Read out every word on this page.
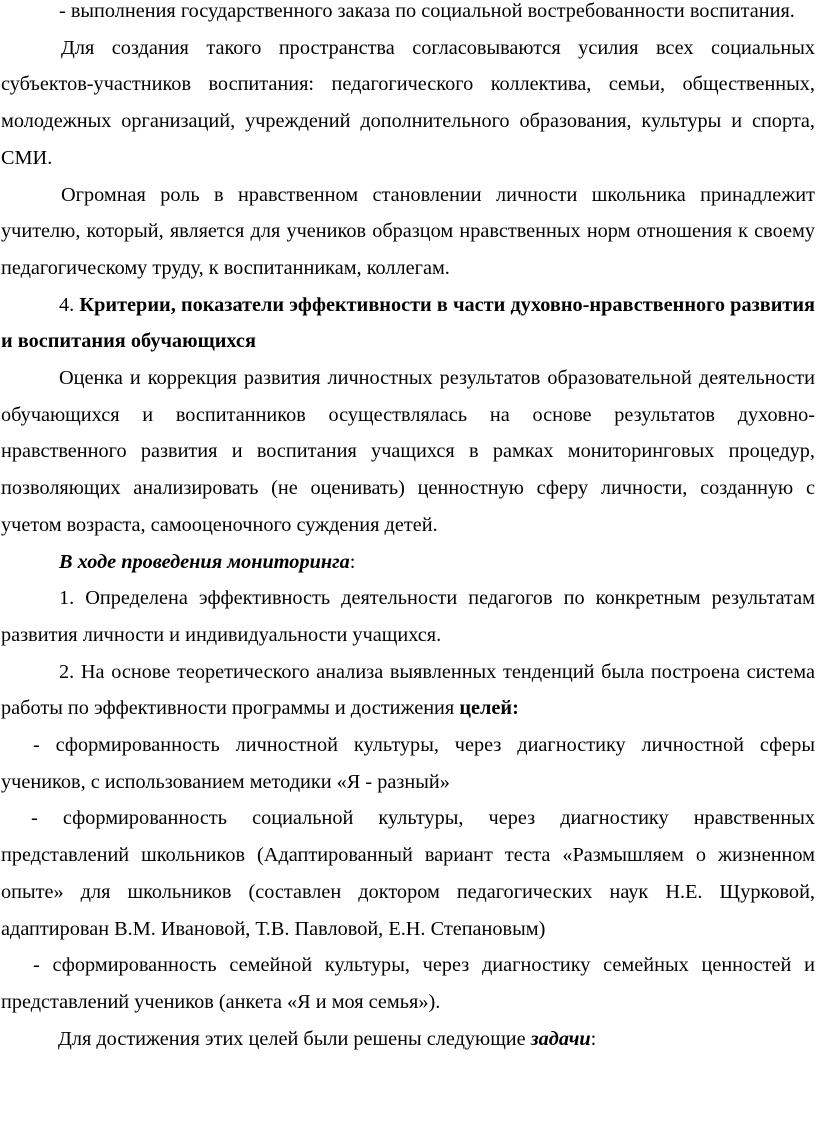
- выполнения государственного заказа по социальной востребованности воспитания.

Для создания такого пространства согласовываются усилия всех социальных субъектов-участников воспитания: педагогического коллектива, семьи, общественных, молодежных организаций, учреждений дополнительного образования, культуры и спорта, СМИ.

Огромная роль в нравственном становлении личности школьника принадлежит учителю, который, является для учеников образцом нравственных норм отношения к своему педагогическому труду, к воспитанникам, коллегам.

4. Критерии, показатели эффективности в части духовно-нравственного развития и воспитания обучающихся

Оценка и коррекция развития личностных результатов образовательной деятельности обучающихся и воспитанников осуществлялась на основе результатов духовно-нравственного развития и воспитания учащихся в рамках мониторинговых процедур, позволяющих анализировать (не оценивать) ценностную сферу личности, созданную с учетом возраста, самооценочного суждения детей.

В ходе проведения мониторинга:

1. Определена эффективность деятельности педагогов по конкретным результатам развития личности и индивидуальности учащихся.

2. На основе теоретического анализа выявленных тенденций была построена система работы по эффективности программы и достижения целей:

- сформированность личностной культуры, через диагностику личностной сферы учеников, с использованием методики «Я - разный»

- сформированность социальной культуры, через диагностику нравственных представлений школьников (Адаптированный вариант теста «Размышляем о жизненном опыте» для школьников (составлен доктором педагогических наук Н.Е. Щурковой, адаптирован В.М. Ивановой, Т.В. Павловой, Е.Н. Степановым)

- сформированность семейной культуры, через диагностику семейных ценностей и представлений учеников (анкета «Я и моя семья»).

Для достижения этих целей были решены следующие задачи:
